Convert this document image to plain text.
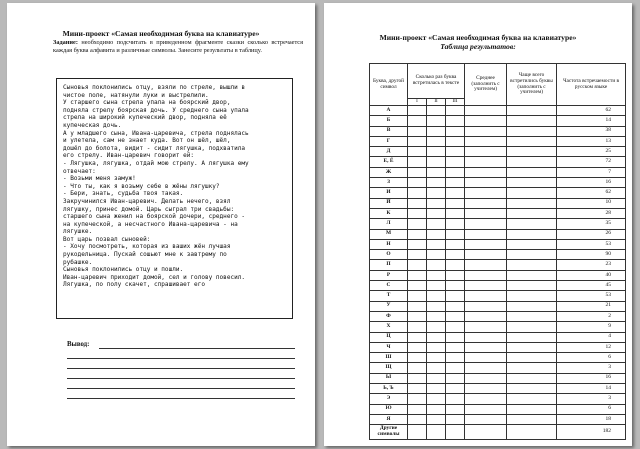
Мини-проект «Самая необходимая буква на клавиатуре»
Задание: необходимо подсчитать в приведенном фрагменте сказки сколько встречается каждая буква алфавита и различные символы. Занесите результаты в таблицу.
Сыновья поклонились отцу, взяли по стреле, вышли в
чистое поле, натянули луки и выстрелили.
У старшего сына стрела упала на боярский двор,
подняла стрелу боярская дочь. У среднего сына упала
стрела на широкий купеческий двор, подняла её
купеческая дочь.
А у младшего сына, Ивана-царевича, стрела поднялась
и улетела, сам не знает куда. Вот он шёл, шёл,
дошёл до болота, видит - сидит лягушка, подхватила
его стрелу. Иван-царевич говорит ей:
- Лягушка, лягушка, отдай мою стрелу. А лягушка ему
отвечает:
- Возьми меня замуж!
- Что ты, как я возьму себе в жёны лягушку?
- Бери, знать, судьба твоя такая.
Закручинился Иван-царевич. Делать нечего, взял
лягушку, принес домой. Царь сыграл три свадьбы:
старшего сына женил на боярской дочери, среднего -
на купеческой, а несчастного Ивана-царевича - на
лягушке.
Вот царь позвал сыновей:
- Хочу посмотреть, которая из ваших жён лучшая
рукодельница. Пускай сошьют мне к завтрему по
рубашке.
Сыновья поклонились отцу и пошли.
Иван-царевич приходит домой, сел и голову повесил.
Лягушка, по полу скачет, спрашивает его
Вывод:
Мини-проект «Самая необходимая буква на клавиатуре»
Таблица результатов:
Буква, другой символ	Сколько раз буква встретилась в тексте			Среднее (заполнить с учителем)	Чаще всего встретились буквы (заполнить с учителем)	Частота встречаемости в русском языке
	I	II	III			
А						62
Б						14
В						38
Г						13
Д						25
Е, Ё						72
Ж						7
З						16
И						62
Й						10
К						28
Л						35
М						26
Н						53
О						90
П						23
Р						40
С						45
Т						53
У						21
Ф						2
Х						9
Ц						4
Ч						12
Ш						6
Щ						3
Ы						16
Ь, Ъ						14
Э						3
Ю						6
Я						18
Другие символы						182
